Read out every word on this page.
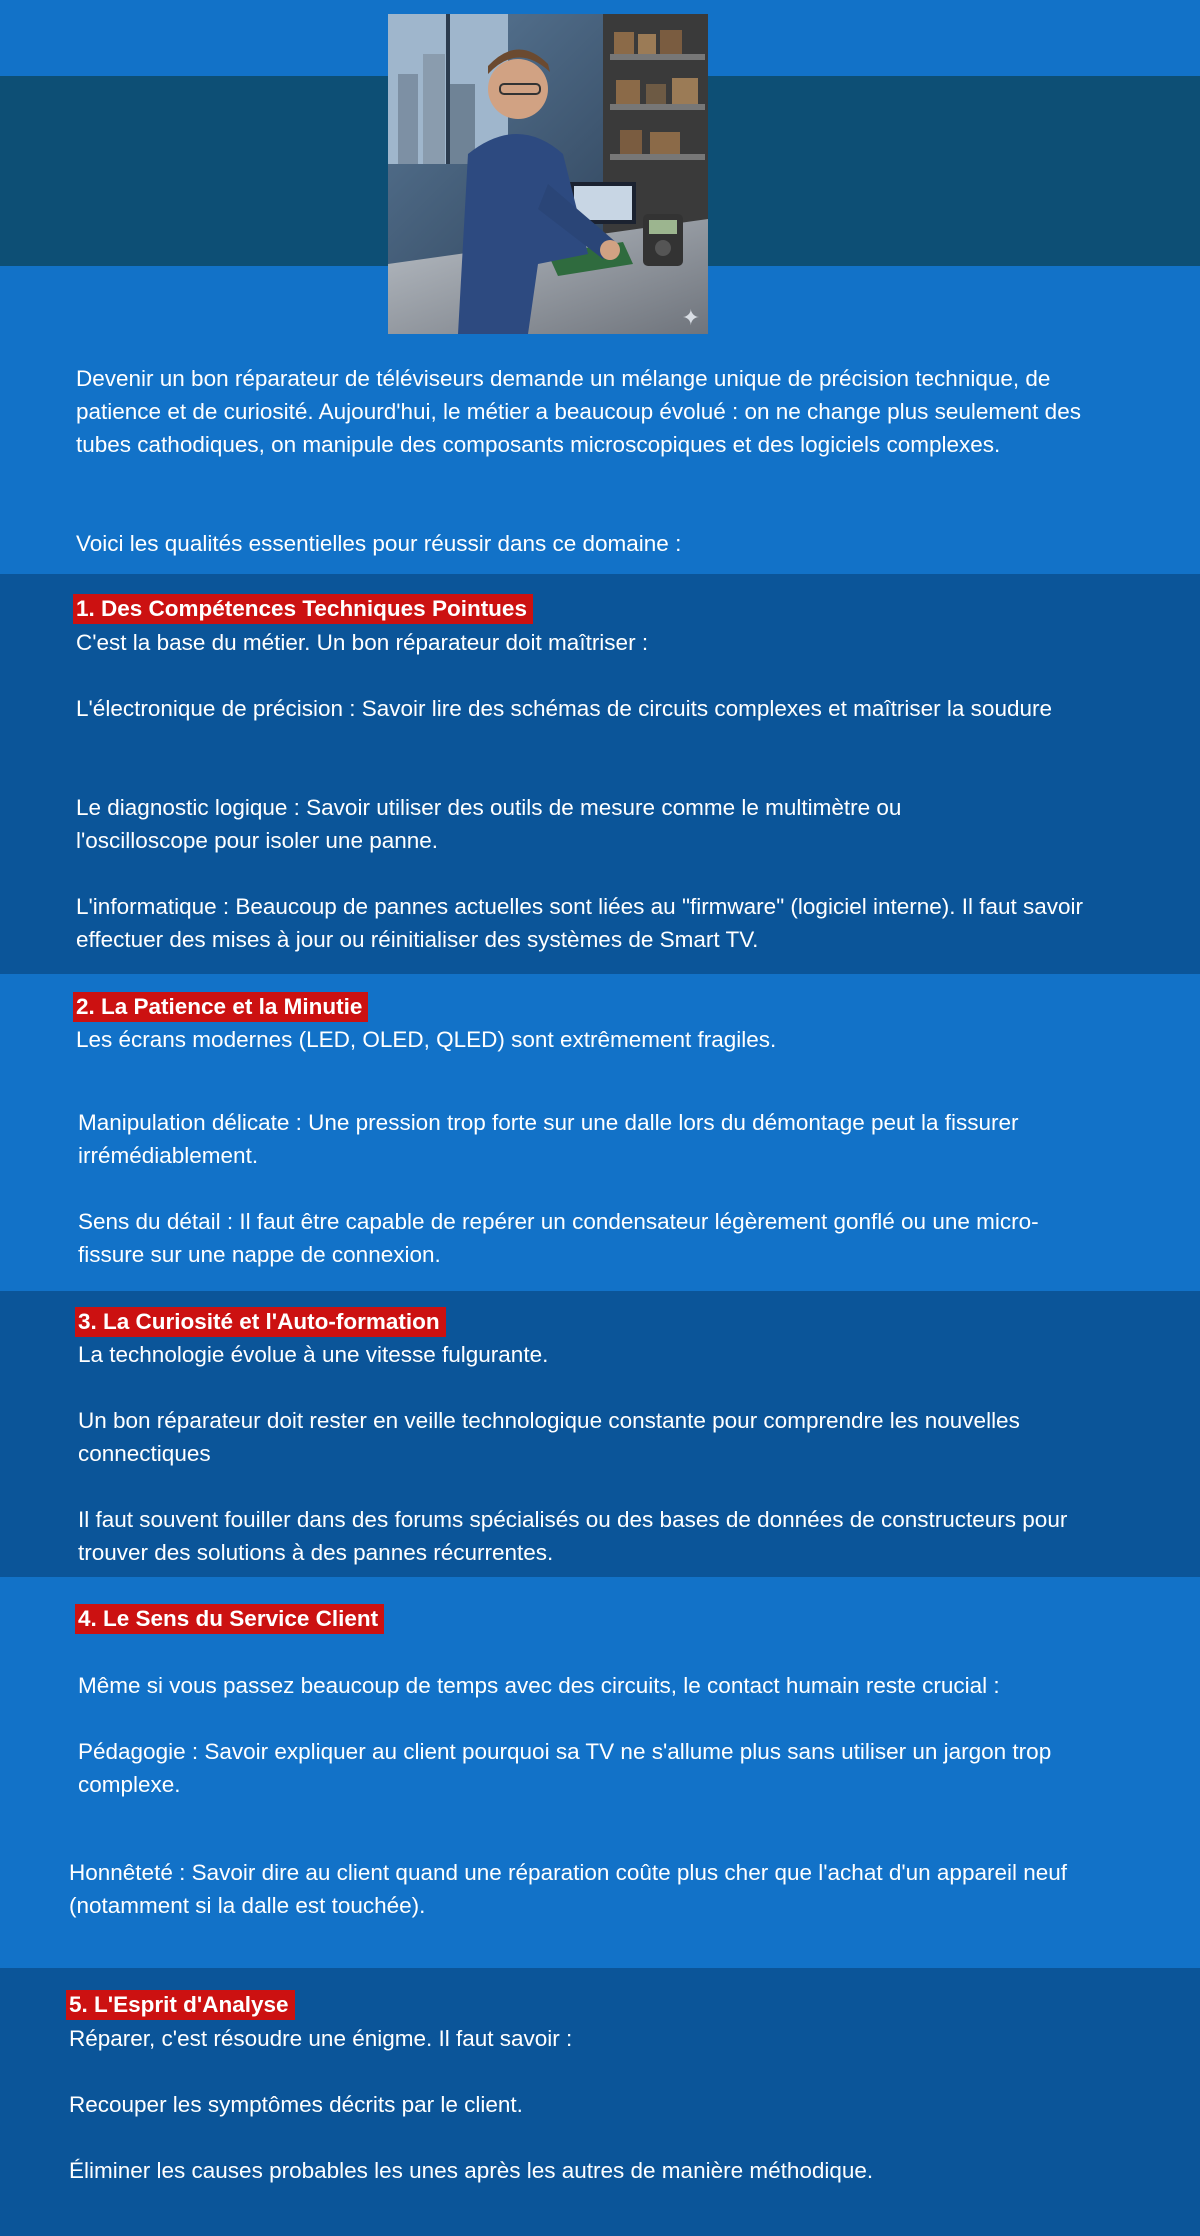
✦

Devenir un bon réparateur de téléviseurs demande un mélange unique de précision technique, de patience et de curiosité. Aujourd'hui, le métier a beaucoup évolué : on ne change plus seulement des tubes cathodiques, on manipule des composants microscopiques et des logiciels complexes.

Voici les qualités essentielles pour réussir dans ce domaine :

1. Des Compétences Techniques Pointues

C'est la base du métier. Un bon réparateur doit maîtriser :

L'électronique de précision : Savoir lire des schémas de circuits complexes et maîtriser la soudure

Le diagnostic logique : Savoir utiliser des outils de mesure comme le multimètre ou l'oscilloscope pour isoler une panne.

L'informatique : Beaucoup de pannes actuelles sont liées au "firmware" (logiciel interne). Il faut savoir effectuer des mises à jour ou réinitialiser des systèmes de Smart TV.

2. La Patience et la Minutie

Les écrans modernes (LED, OLED, QLED) sont extrêmement fragiles.

Manipulation délicate : Une pression trop forte sur une dalle lors du démontage peut la fissurer irrémédiablement.

Sens du détail : Il faut être capable de repérer un condensateur légèrement gonflé ou une micro-fissure sur une nappe de connexion.

3. La Curiosité et l'Auto-formation

La technologie évolue à une vitesse fulgurante.

Un bon réparateur doit rester en veille technologique constante pour comprendre les nouvelles connectiques

Il faut souvent fouiller dans des forums spécialisés ou des bases de données de constructeurs pour trouver des solutions à des pannes récurrentes.

4. Le Sens du Service Client

Même si vous passez beaucoup de temps avec des circuits, le contact humain reste crucial :

Pédagogie : Savoir expliquer au client pourquoi sa TV ne s'allume plus sans utiliser un jargon trop complexe.

Honnêteté : Savoir dire au client quand une réparation coûte plus cher que l'achat d'un appareil neuf (notamment si la dalle est touchée).

5. L'Esprit d'Analyse

Réparer, c'est résoudre une énigme. Il faut savoir :

Recouper les symptômes décrits par le client.

Éliminer les causes probables les unes après les autres de manière méthodique.
